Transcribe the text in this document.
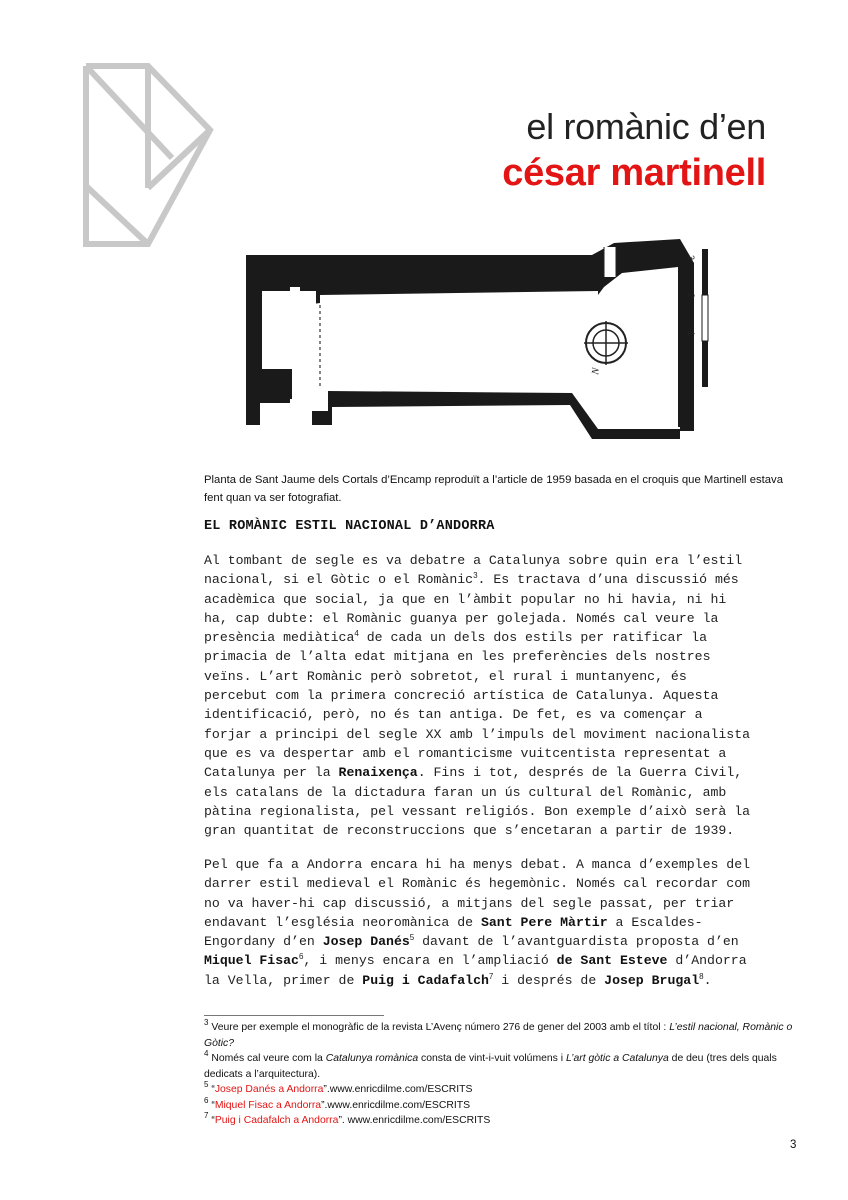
el romànic d’en
césar martinell
N
3
2
1
Planta de Sant Jaume dels Cortals d’Encamp reproduït a l’article de 1959 basada en el croquis que Martinell estava fent quan va ser fotografiat.
EL ROMÀNIC ESTIL NACIONAL D’ANDORRA
Al tombant de segle es va debatre a Catalunya sobre quin era l’estil
nacional, si el Gòtic o el Romànic$^3$. Es tractava d’una discussió més
acadèmica que social, ja que en l’àmbit popular no hi havia, ni hi
ha, cap dubte: el Romànic guanya per golejada. Només cal veure la
presència mediàtica$^4$ de cada un dels dos estils per ratificar la
primacia de l’alta edat mitjana en les preferències dels nostres
veïns. L’art Romànic però sobretot, el rural i muntanyenc, és
percebut com la primera concreció artística de Catalunya. Aquesta
identificació, però, no és tan antiga. De fet, es va començar a
forjar a principi del segle XX amb l’impuls del moviment nacionalista
que es va despertar amb el romanticisme vuitcentista representat a
Catalunya per la Renaixença. Fins i tot, després de la Guerra Civil,
els catalans de la dictadura faran un ús cultural del Romànic, amb
pàtina regionalista, pel vessant religiós. Bon exemple d’això serà la
gran quantitat de reconstruccions que s’encetaran a partir de 1939.
Pel que fa a Andorra encara hi ha menys debat. A manca d’exemples del
darrer estil medieval el Romànic és hegemònic. Només cal recordar com
no va haver-hi cap discussió, a mitjans del segle passat, per triar
endavant l’església neoromànica de Sant Pere Màrtir a Escaldes-
Engordany d’en Josep Danés$^5$ davant de l’avantguardista proposta d’en
Miquel Fisac$^6$, i menys encara en l’ampliació de Sant Esteve d’Andorra
la Vella, primer de Puig i Cadafalch$^7$ i després de Josep Brugal$^8$.
$^3$ Veure per exemple el monogràfic de la revista L’Avenç número 276 de gener del 2003 amb el títol : L’estil nacional, Romànic o Gòtic?
$^4$ Només cal veure com la Catalunya romànica consta de vint-i-vuit volúmens i L’art gòtic a Catalunya de deu (tres dels quals dedicats a l’arquitectura).
$^5$ “Josep Danés a Andorra”.www.enricdilme.com/ESCRITS
$^6$ “Miquel Fisac a Andorra”.www.enricdilme.com/ESCRITS
$^7$ “Puig i Cadafalch a Andorra”. www.enricdilme.com/ESCRITS
3
